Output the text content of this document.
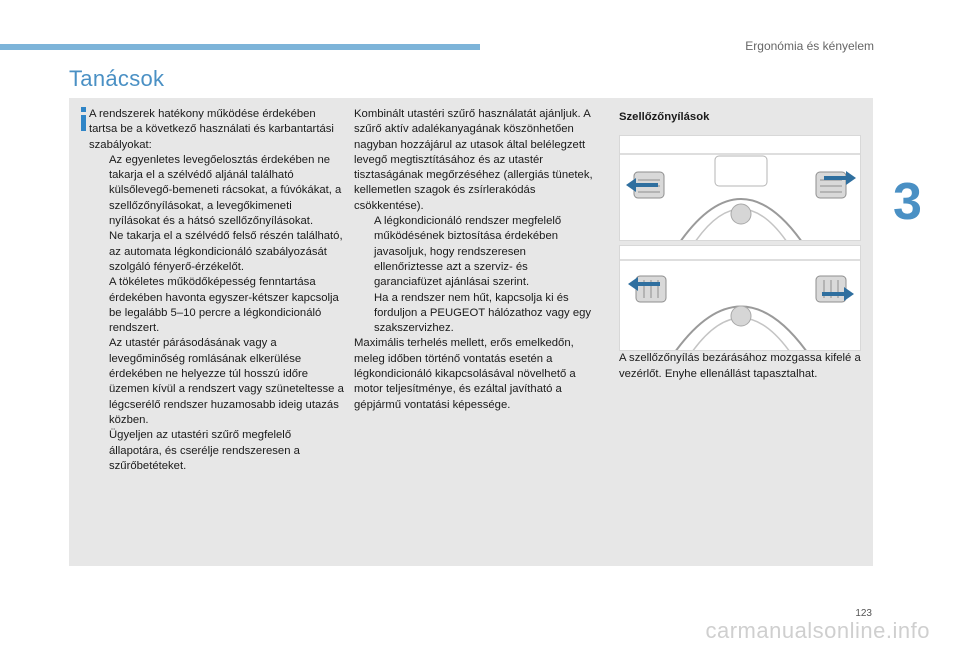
Ergonómia és kényelem
Tanácsok
3

A rendszerek hatékony működése érdekében tartsa be a következő használati és karbantartási szabályokat:

Az egyenletes levegőelosztás érdekében ne takarja el a szélvédő aljánál található külsőlevegő-bemeneti rácsokat, a fúvókákat, a szellőzőnyílásokat, a levegőkimeneti nyílásokat és a hátsó szellőzőnyílásokat.
Ne takarja el a szélvédő felső részén található, az automata légkondicionáló szabályozását szolgáló fényerő-érzékelőt.
A tökéletes működőképesség fenntartása érdekében havonta egyszer-kétszer kapcsolja be legalább 5–10 percre a légkondicionáló rendszert.
Az utastér párásodásának vagy a levegőminőség romlásának elkerülése érdekében ne helyezze túl hosszú időre üzemen kívül a rendszert vagy szüneteltesse a légcserélő rendszer huzamosabb ideig utazás közben.
Ügyeljen az utastéri szűrő megfelelő állapotára, és cserélje rendszeresen a szűrőbetéteket.

Kombinált utastéri szűrő használatát ajánljuk. A szűrő aktív adalékanyagának köszönhetően nagyban hozzájárul az utasok által belélegzett levegő megtisztításához és az utastér tisztaságának megőrzéséhez (allergiás tünetek, kellemetlen szagok és zsírlerakódás csökkentése).

A légkondicionáló rendszer megfelelő működésének biztosítása érdekében javasoljuk, hogy rendszeresen ellenőriztesse azt a szerviz- és garanciafüzet ajánlásai szerint.
Ha a rendszer nem hűt, kapcsolja ki és forduljon a PEUGEOT hálózathoz vagy egy szakszervizhez.

Maximális terhelés mellett, erős emelkedőn, meleg időben történő vontatás esetén a légkondicionáló kikapcsolásával növelhető a motor teljesítménye, és ezáltal javítható a gépjármű vontatási képessége.

Szellőzőnyílások

A szellőzőnyílás bezárásához mozgassa kifelé a vezérlőt. Enyhe ellenállást tapasztalhat.

123
carmanualsonline.info
